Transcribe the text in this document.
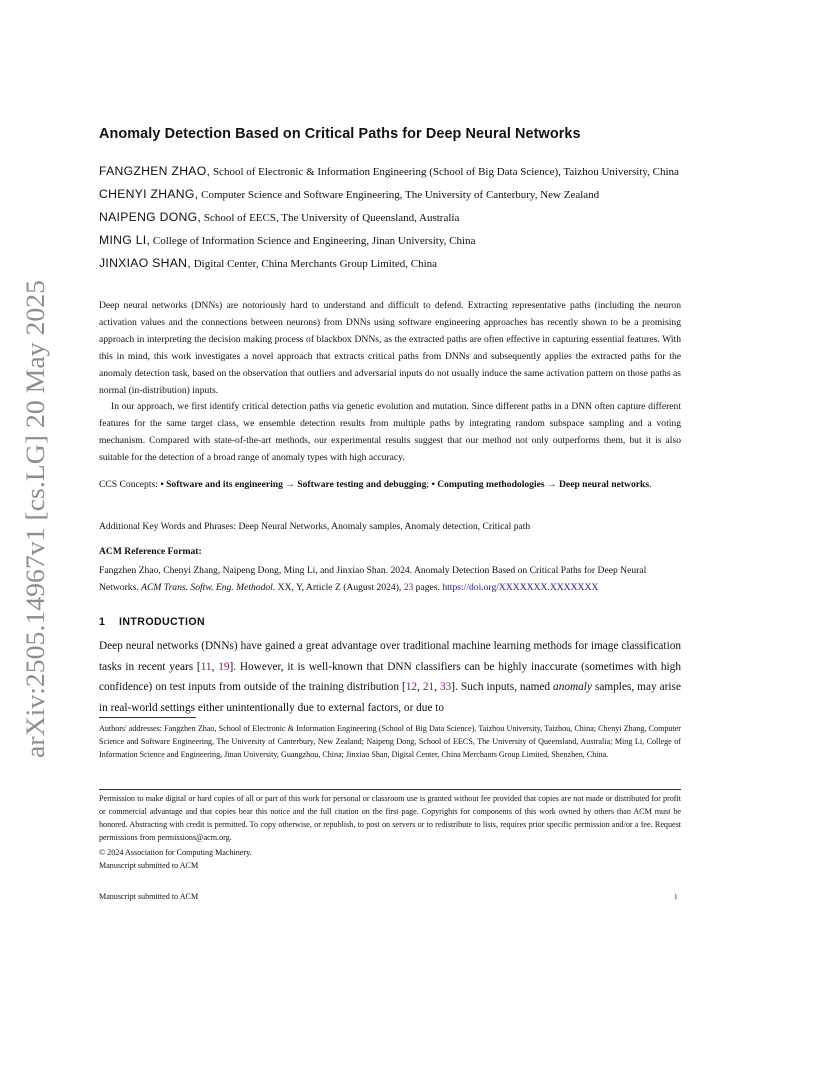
arXiv:2505.14967v1 [cs.LG] 20 May 2025
Anomaly Detection Based on Critical Paths for Deep Neural Networks

FANGZHEN ZHAO, School of Electronic & Information Engineering (School of Big Data Science), Taizhou University, China

CHENYI ZHANG, Computer Science and Software Engineering, The University of Canterbury, New Zealand

NAIPENG DONG, School of EECS, The University of Queensland, Australia

MING LI, College of Information Science and Engineering, Jinan University, China

JINXIAO SHAN, Digital Center, China Merchants Group Limited, China

Deep neural networks (DNNs) are notoriously hard to understand and difficult to defend. Extracting representative paths (including the neuron activation values and the connections between neurons) from DNNs using software engineering approaches has recently shown to be a promising approach in interpreting the decision making process of blackbox DNNs, as the extracted paths are often effective in capturing essential features. With this in mind, this work investigates a novel approach that extracts critical paths from DNNs and subsequently applies the extracted paths for the anomaly detection task, based on the observation that outliers and adversarial inputs do not usually induce the same activation pattern on those paths as normal (in-distribution) inputs.

In our approach, we first identify critical detection paths via genetic evolution and mutation. Since different paths in a DNN often capture different features for the same target class, we ensemble detection results from multiple paths by integrating random subspace sampling and a voting mechanism. Compared with state-of-the-art methods, our experimental results suggest that our method not only outperforms them, but it is also suitable for the detection of a broad range of anomaly types with high accuracy.

CCS Concepts: • Software and its engineering → Software testing and debugging; • Computing methodologies → Deep neural networks.
Additional Key Words and Phrases: Deep Neural Networks, Anomaly samples, Anomaly detection, Critical path
ACM Reference Format:
Fangzhen Zhao, Chenyi Zhang, Naipeng Dong, Ming Li, and Jinxiao Shan. 2024. Anomaly Detection Based on Critical Paths for Deep Neural Networks. ACM Trans. Softw. Eng. Methodol. XX, Y, Article Z (August 2024), 23 pages. https://doi.org/XXXXXXX.XXXXXXX
1 INTRODUCTION

Deep neural networks (DNNs) have gained a great advantage over traditional machine learning methods for image classification tasks in recent years [11, 19]. However, it is well-known that DNN classifiers can be highly inaccurate (sometimes with high confidence) on test inputs from outside of the training distribution [12, 21, 33]. Such inputs, named anomaly samples, may arise in real-world settings either unintentionally due to external factors, or due to

Authors' addresses: Fangzhen Zhao, School of Electronic & Information Engineering (School of Big Data Science), Taizhou University, Taizhou, China; Chenyi Zhang, Computer Science and Software Engineering, The University of Canterbury, New Zealand; Naipeng Dong, School of EECS, The University of Queensland, Australia; Ming Li, College of Information Science and Engineering, Jinan University, Guangzhou, China; Jinxiao Shan, Digital Center, China Merchants Group Limited, Shenzhen, China.
Permission to make digital or hard copies of all or part of this work for personal or classroom use is granted without fee provided that copies are not made or distributed for profit or commercial advantage and that copies bear this notice and the full citation on the first page. Copyrights for components of this work owned by others than ACM must be honored. Abstracting with credit is permitted. To copy otherwise, or republish, to post on servers or to redistribute to lists, requires prior specific permission and/or a fee. Request permissions from permissions@acm.org.
© 2024 Association for Computing Machinery.
Manuscript submitted to ACM
Manuscript submitted to ACM	i
